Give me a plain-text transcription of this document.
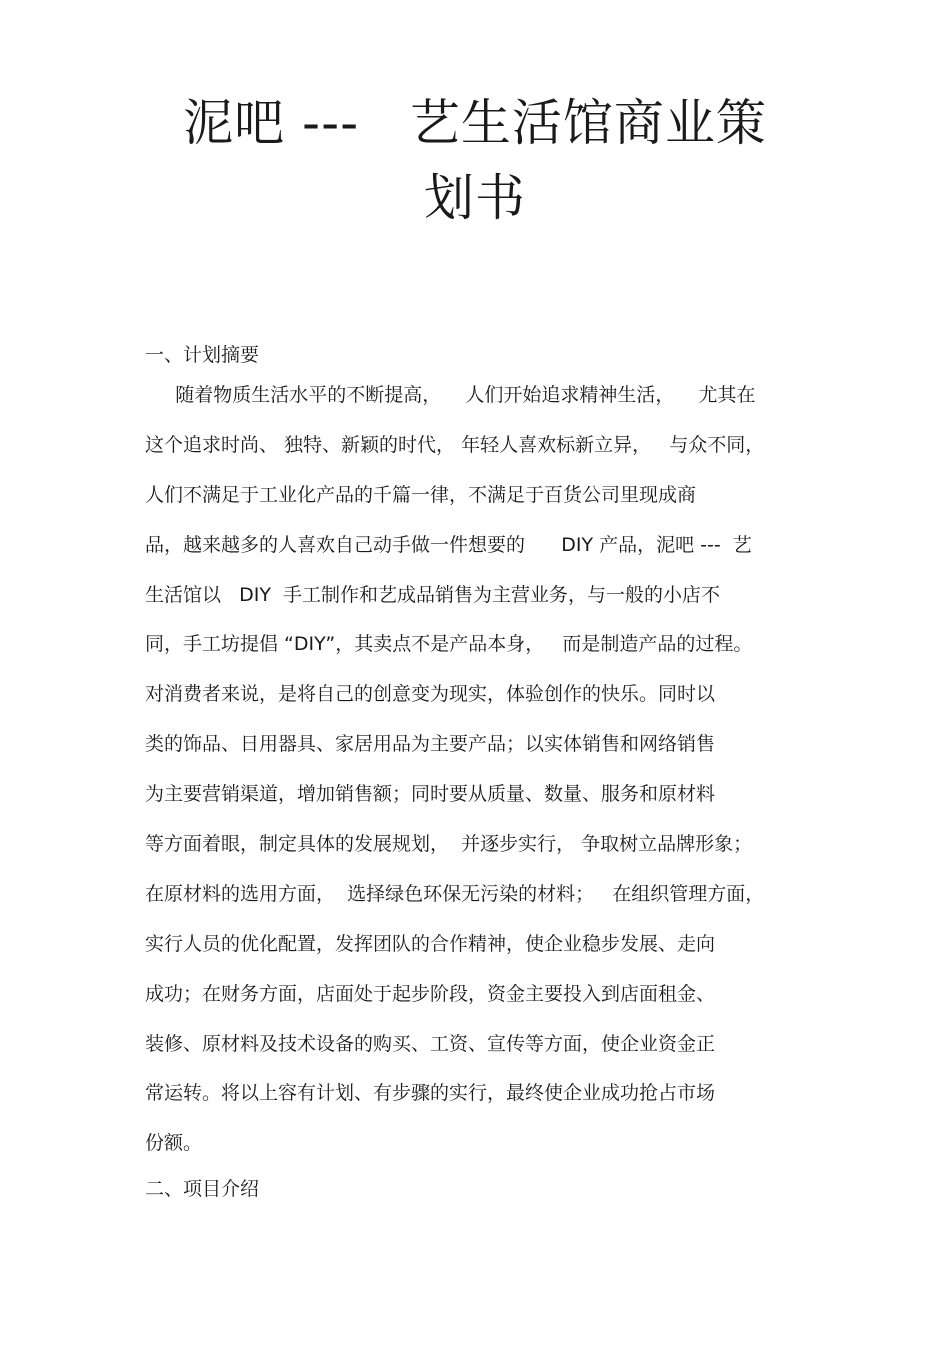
泥吧 ---   艺生活馆商业策
划书
一、计划摘要
随着物质生活水平的不断提高，    人们开始追求精神生活，    尤其在
这个追求时尚、 独特、新颖的时代， 年轻人喜欢标新立异，   与众不同，
人们不满足于工业化产品的千篇一律，不满足于百货公司里现成商
品，越来越多的人喜欢自己动手做一件想要的      DIY 产品，泥吧 ---  艺
生活馆以   DIY  手工制作和艺成品销售为主营业务，与一般的小店不
同，手工坊提倡 “DIY”，其卖点不是产品本身，   而是制造产品的过程。
对消费者来说，是将自己的创意变为现实，体验创作的快乐。同时以
类的饰品、日用器具、家居用品为主要产品；以实体销售和网络销售
为主要营销渠道，增加销售额；同时要从质量、数量、服务和原材料
等方面着眼，制定具体的发展规划，  并逐步实行， 争取树立品牌形象；
在原材料的选用方面，  选择绿色环保无污染的材料；   在组织管理方面，
实行人员的优化配置，发挥团队的合作精神，使企业稳步发展、走向
成功；在财务方面，店面处于起步阶段，资金主要投入到店面租金、
装修、原材料及技术设备的购买、工资、宣传等方面，使企业资金正
常运转。将以上容有计划、有步骤的实行，最终使企业成功抢占市场
份额。
二、项目介绍
